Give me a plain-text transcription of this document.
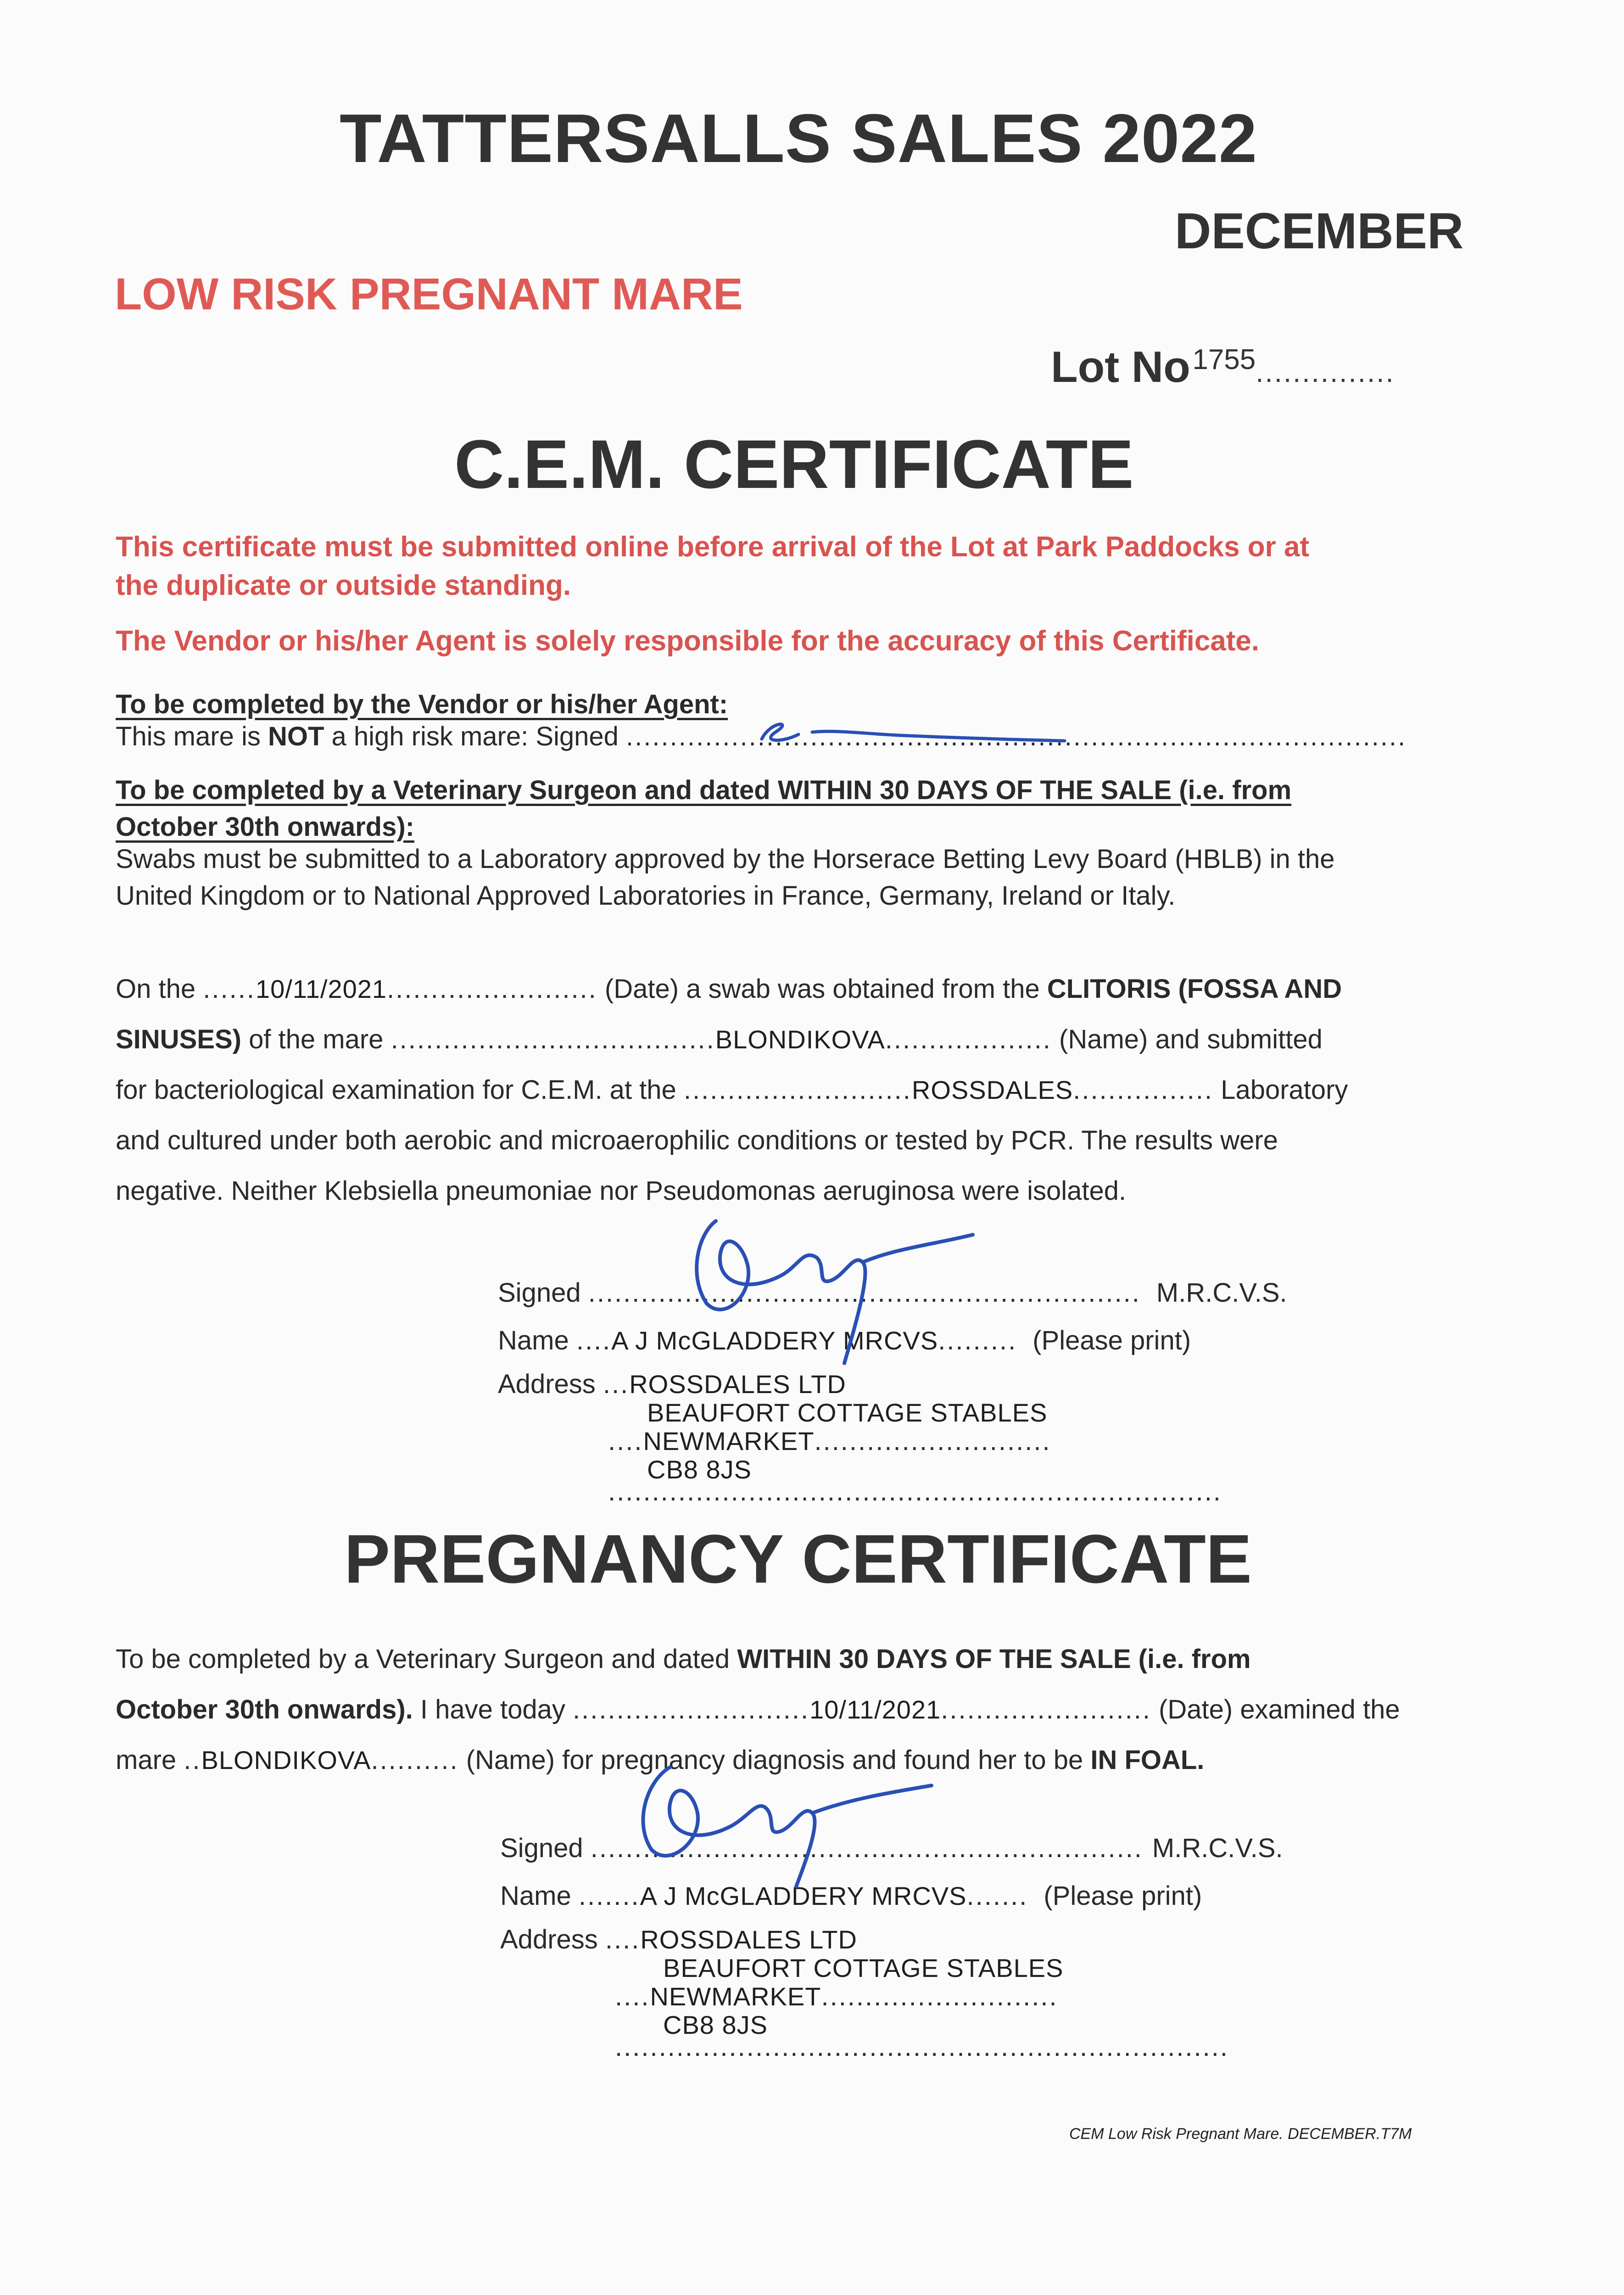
TATTERSALLS SALES 2022
DECEMBER
LOW RISK PREGNANT MARE
Lot No 1755...............
C.E.M. CERTIFICATE
This certificate must be submitted online before arrival of the Lot at Park Paddocks or at
the duplicate or outside standing.
The Vendor or his/her Agent is solely responsible for the accuracy of this Certificate.
To be completed by the Vendor or his/her Agent:
This mare is NOT a high risk mare: Signed .........................................................................................
To be completed by a Veterinary Surgeon and dated WITHIN 30 DAYS OF THE SALE (i.e. from
October 30th onwards):
Swabs must be submitted to a Laboratory approved by the Horserace Betting Levy Board (HBLB) in the
United Kingdom or to National Approved Laboratories in France, Germany, Ireland or Italy.
On the ......10/11/2021........................ (Date) a swab was obtained from the CLITORIS (FOSSA AND
SINUSES) of the mare .....................................BLONDIKOVA................... (Name) and submitted
for bacteriological examination for C.E.M. at the ..........................ROSSDALES................ Laboratory
and cultured under both aerobic and microaerophilic conditions or tested by PCR. The results were
negative. Neither Klebsiella pneumoniae nor Pseudomonas aeruginosa were isolated.
Signed ............................................................... M.R.C.V.S.
Name ....A J McGLADDERY MRCVS......... (Please print)
Address ...ROSSDALES LTD
BEAUFORT COTTAGE STABLES
....NEWMARKET...........................
CB8 8JS
......................................................................
PREGNANCY CERTIFICATE
To be completed by a Veterinary Surgeon and dated WITHIN 30 DAYS OF THE SALE (i.e. from
October 30th onwards). I have today ...........................10/11/2021........................ (Date) examined the
mare ..BLONDIKOVA.......... (Name) for pregnancy diagnosis and found her to be IN FOAL.
Signed ............................................................... M.R.C.V.S.
Name .......A J McGLADDERY MRCVS....... (Please print)
Address ....ROSSDALES LTD
BEAUFORT COTTAGE STABLES
....NEWMARKET...........................
CB8 8JS
......................................................................
CEM Low Risk Pregnant Mare. DECEMBER.T7M
